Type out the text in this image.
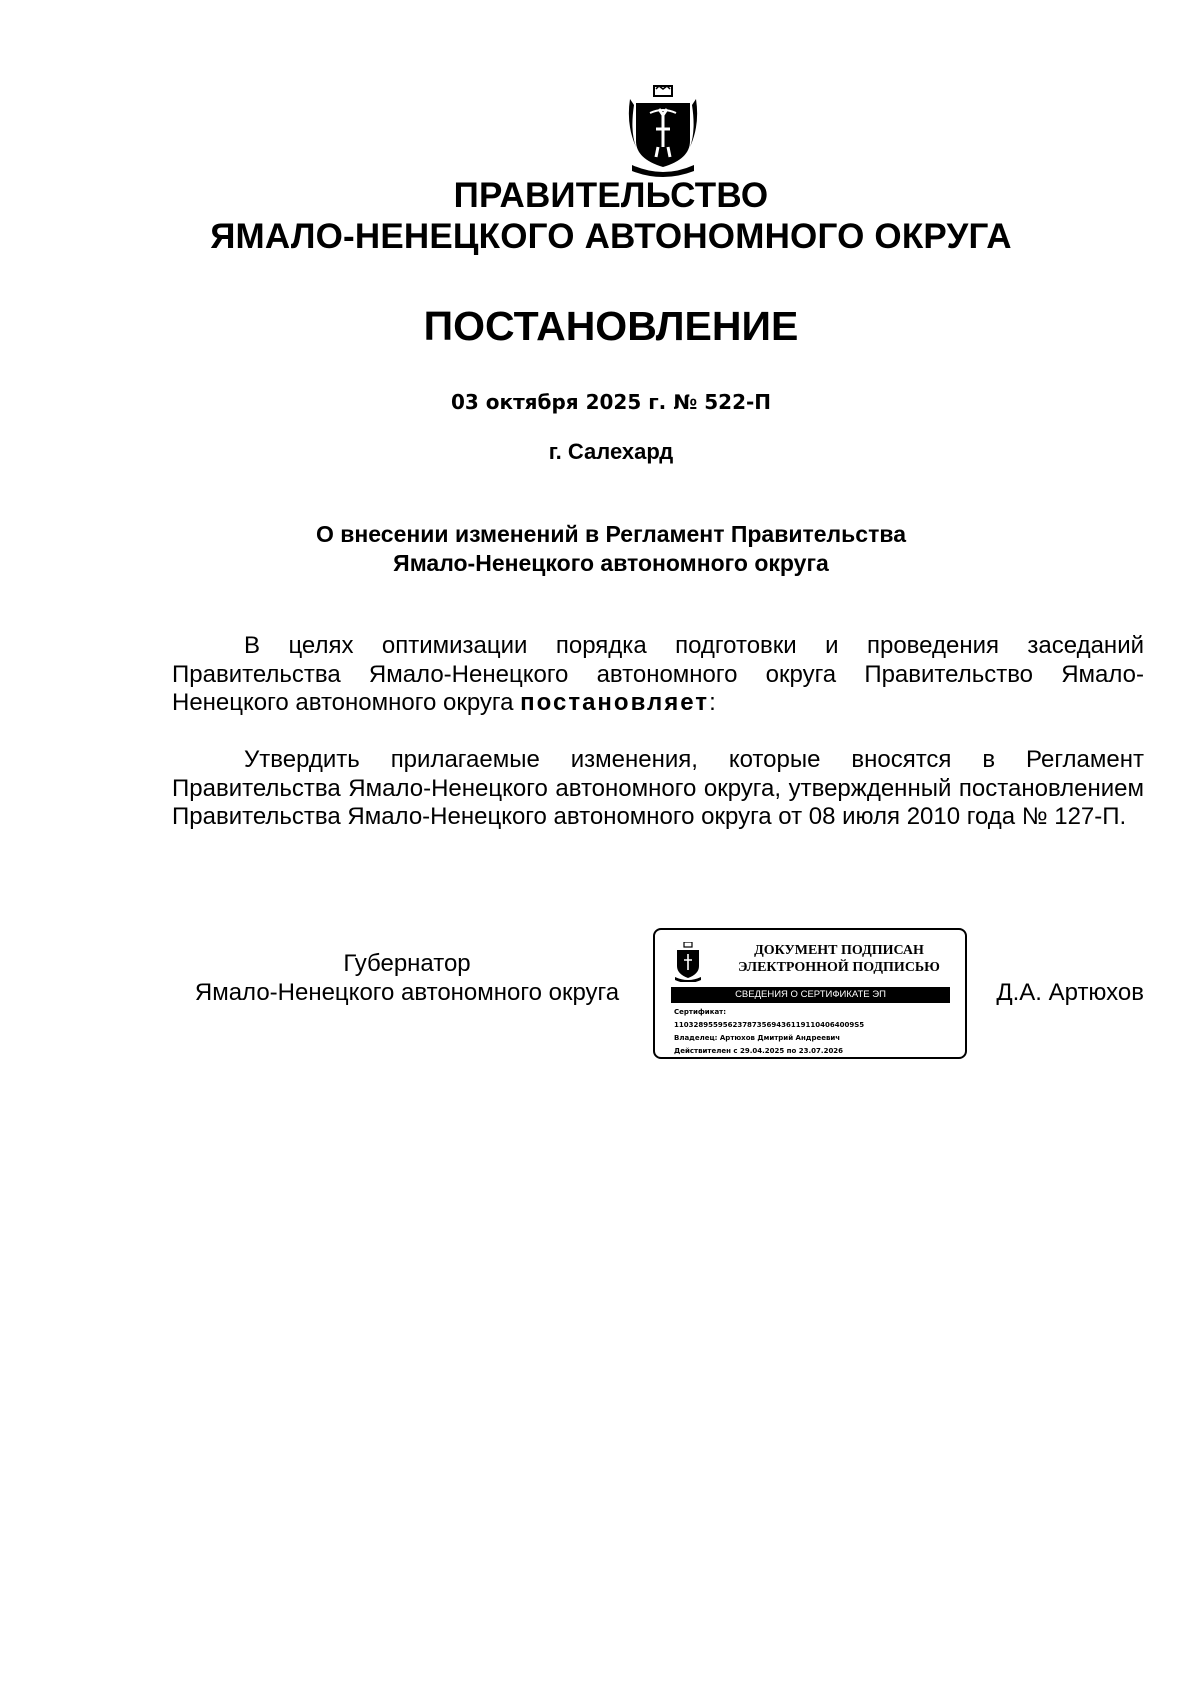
ПРАВИТЕЛЬСТВО
ЯМАЛО-НЕНЕЦКОГО АВТОНОМНОГО ОКРУГА
ПОСТАНОВЛЕНИЕ
03 октября 2025 г. № 522-П
г. Салехард
О внесении изменений в Регламент Правительства
Ямало-Ненецкого автономного округа
В целях оптимизации порядка подготовки и проведения заседаний Правительства Ямало-Ненецкого автономного округа Правительство Ямало-Ненецкого автономного округа постановляет:
Утвердить прилагаемые изменения, которые вносятся в Регламент Правительства Ямало-Ненецкого автономного округа, утвержденный постановлением Правительства Ямало-Ненецкого автономного округа от 08 июля 2010 года № 127-П.
Губернатор
Ямало-Ненецкого автономного округа
ДОКУМЕНТ ПОДПИСАН
ЭЛЕКТРОННОЙ ПОДПИСЬЮ
СВЕДЕНИЯ О СЕРТИФИКАТЕ ЭП
Сертификат:
1103289559562378735694361191104064009S5
Владелец: Артюхов Дмитрий Андреевич
Действителен с 29.04.2025 по 23.07.2026
Д.А. Артюхов
